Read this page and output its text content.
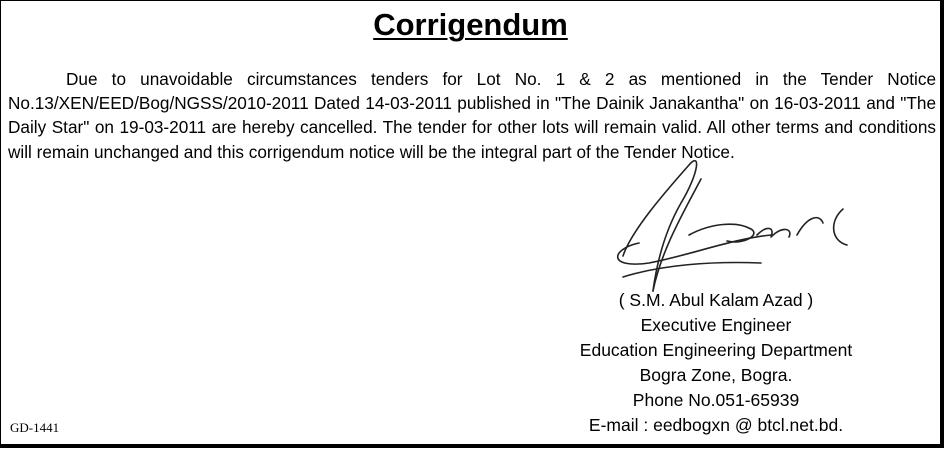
Corrigendum

Due to unavoidable circumstances tenders for Lot No. 1 & 2 as mentioned in the Tender Notice No.13/XEN/EED/Bog/NGSS/2010-2011 Dated 14-03-2011 published in "The Dainik Janakantha" on 16-03-2011 and "The Daily Star" on 19-03-2011 are hereby cancelled. The tender for other lots will remain valid. All other terms and conditions will remain unchanged and this corrigendum notice will be the integral part of the Tender Notice.

( S.M. Abul Kalam Azad )
Executive Engineer
Education Engineering Department
Bogra Zone, Bogra.
Phone No.051-65939
E-mail : eedbogxn @ btcl.net.bd.
GD-1441
